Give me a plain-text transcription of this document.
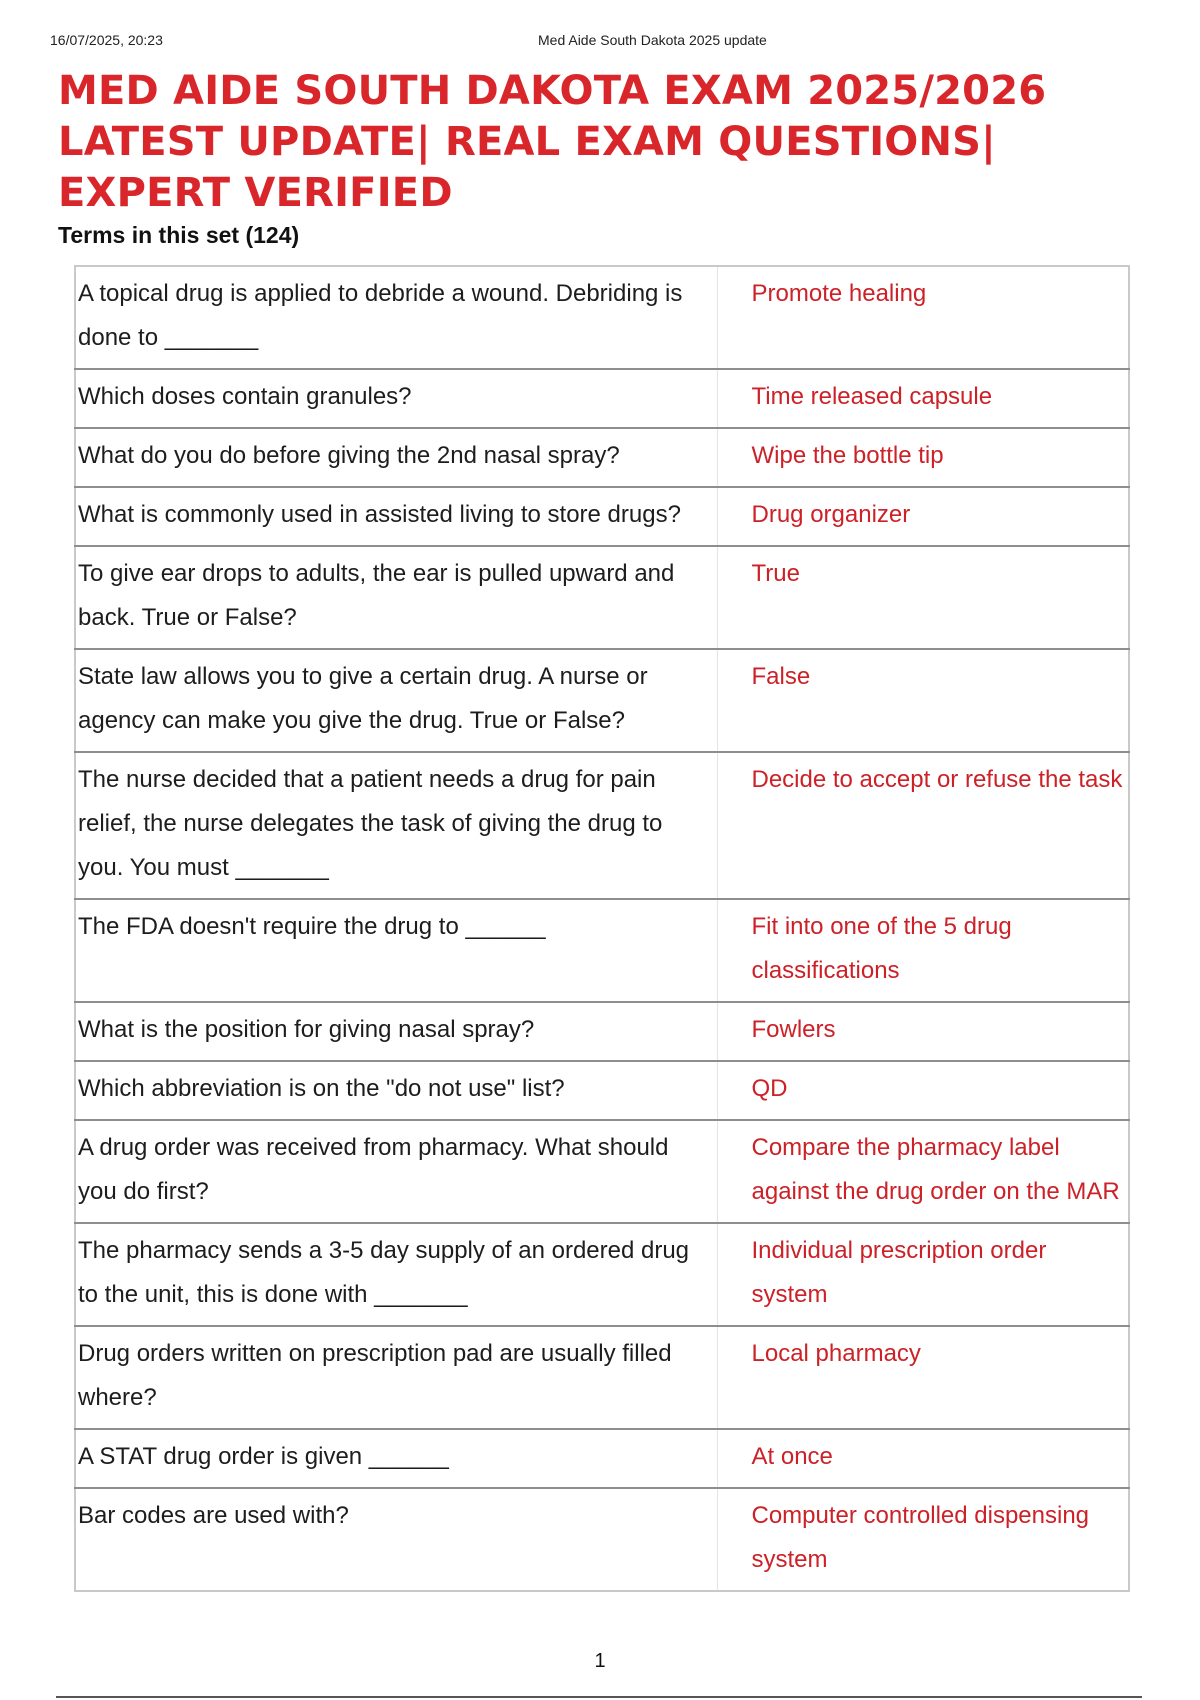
16/07/2025, 20:23	Med Aide South Dakota 2025 update
MED AIDE SOUTH DAKOTA EXAM 2025/2026 LATEST UPDATE| REAL EXAM QUESTIONS| EXPERT VERIFIED
Terms in this set (124)
A topical drug is applied to debride a wound. Debriding is done to _______	Promote healing
Which doses contain granules?	Time released capsule
What do you do before giving the 2nd nasal spray?	Wipe the bottle tip
What is commonly used in assisted living to store drugs?	Drug organizer
To give ear drops to adults, the ear is pulled upward and back. True or False?	True
State law allows you to give a certain drug. A nurse or agency can make you give the drug. True or False?	False
The nurse decided that a patient needs a drug for pain relief, the nurse delegates the task of giving the drug to you. You must _______	Decide to accept or refuse the task
The FDA doesn't require the drug to ______	Fit into one of the 5 drug classifications
What is the position for giving nasal spray?	Fowlers
Which abbreviation is on the "do not use" list?	QD
A drug order was received from pharmacy. What should you do first?	Compare the pharmacy label against the drug order on the MAR
The pharmacy sends a 3-5 day supply of an ordered drug to the unit, this is done with _______	Individual prescription order system
Drug orders written on prescription pad are usually filled where?	Local pharmacy
A STAT drug order is given ______	At once
Bar codes are used with?	Computer controlled dispensing system
1
